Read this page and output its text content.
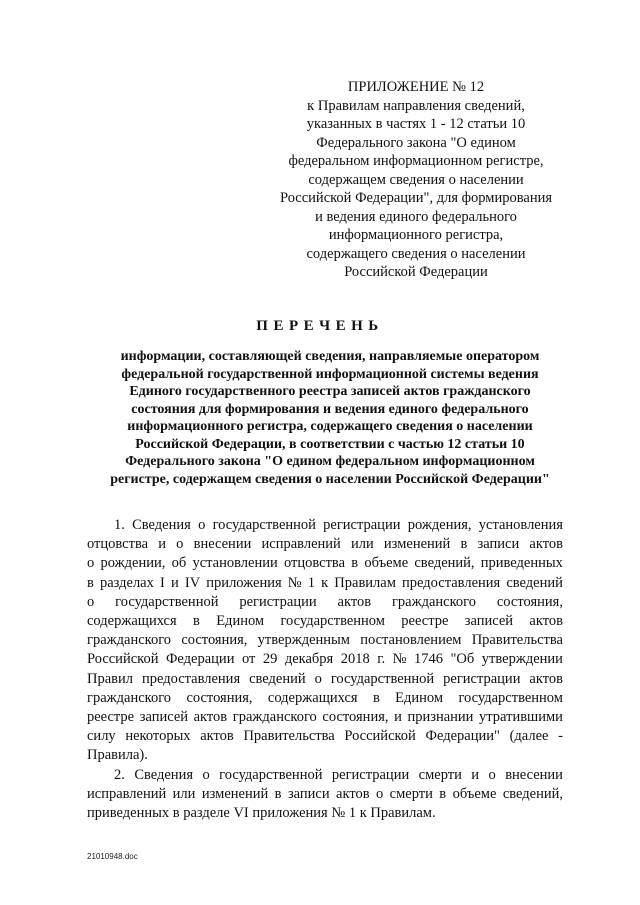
ПРИЛОЖЕНИЕ № 12
к Правилам направления сведений,
указанных в частях 1 - 12 статьи 10
Федерального закона "О едином
федеральном информационном регистре,
содержащем сведения о населении
Российской Федерации", для формирования
и ведения единого федерального
информационного регистра,
содержащего сведения о населении
Российской Федерации
ПЕРЕЧЕНЬ
информации, составляющей сведения, направляемые оператором
федеральной государственной информационной системы ведения
Единого государственного реестра записей актов гражданского
состояния для формирования и ведения единого федерального
информационного регистра, содержащего сведения о населении
Российской Федерации, в соответствии с частью 12 статьи 10
Федерального закона "О едином федеральном информационном
регистре, содержащем сведения о населении Российской Федерации"
1. Сведения о государственной регистрации рождения, установления
отцовства и о внесении исправлений или изменений в записи актов
о рождении, об установлении отцовства в объеме сведений, приведенных
в разделах I и IV приложения № 1 к Правилам предоставления сведений
о государственной регистрации актов гражданского состояния,
содержащихся в Едином государственном реестре записей актов
гражданского состояния, утвержденным постановлением Правительства
Российской Федерации от 29 декабря 2018 г. № 1746 "Об утверждении
Правил предоставления сведений о государственной регистрации актов
гражданского состояния, содержащихся в Едином государственном
реестре записей актов гражданского состояния, и признании утратившими
силу некоторых актов Правительства Российской Федерации" (далее -
Правила).
2. Сведения о государственной регистрации смерти и о внесении
исправлений или изменений в записи актов о смерти в объеме сведений,
приведенных в разделе VI приложения № 1 к Правилам.
21010948.doc
